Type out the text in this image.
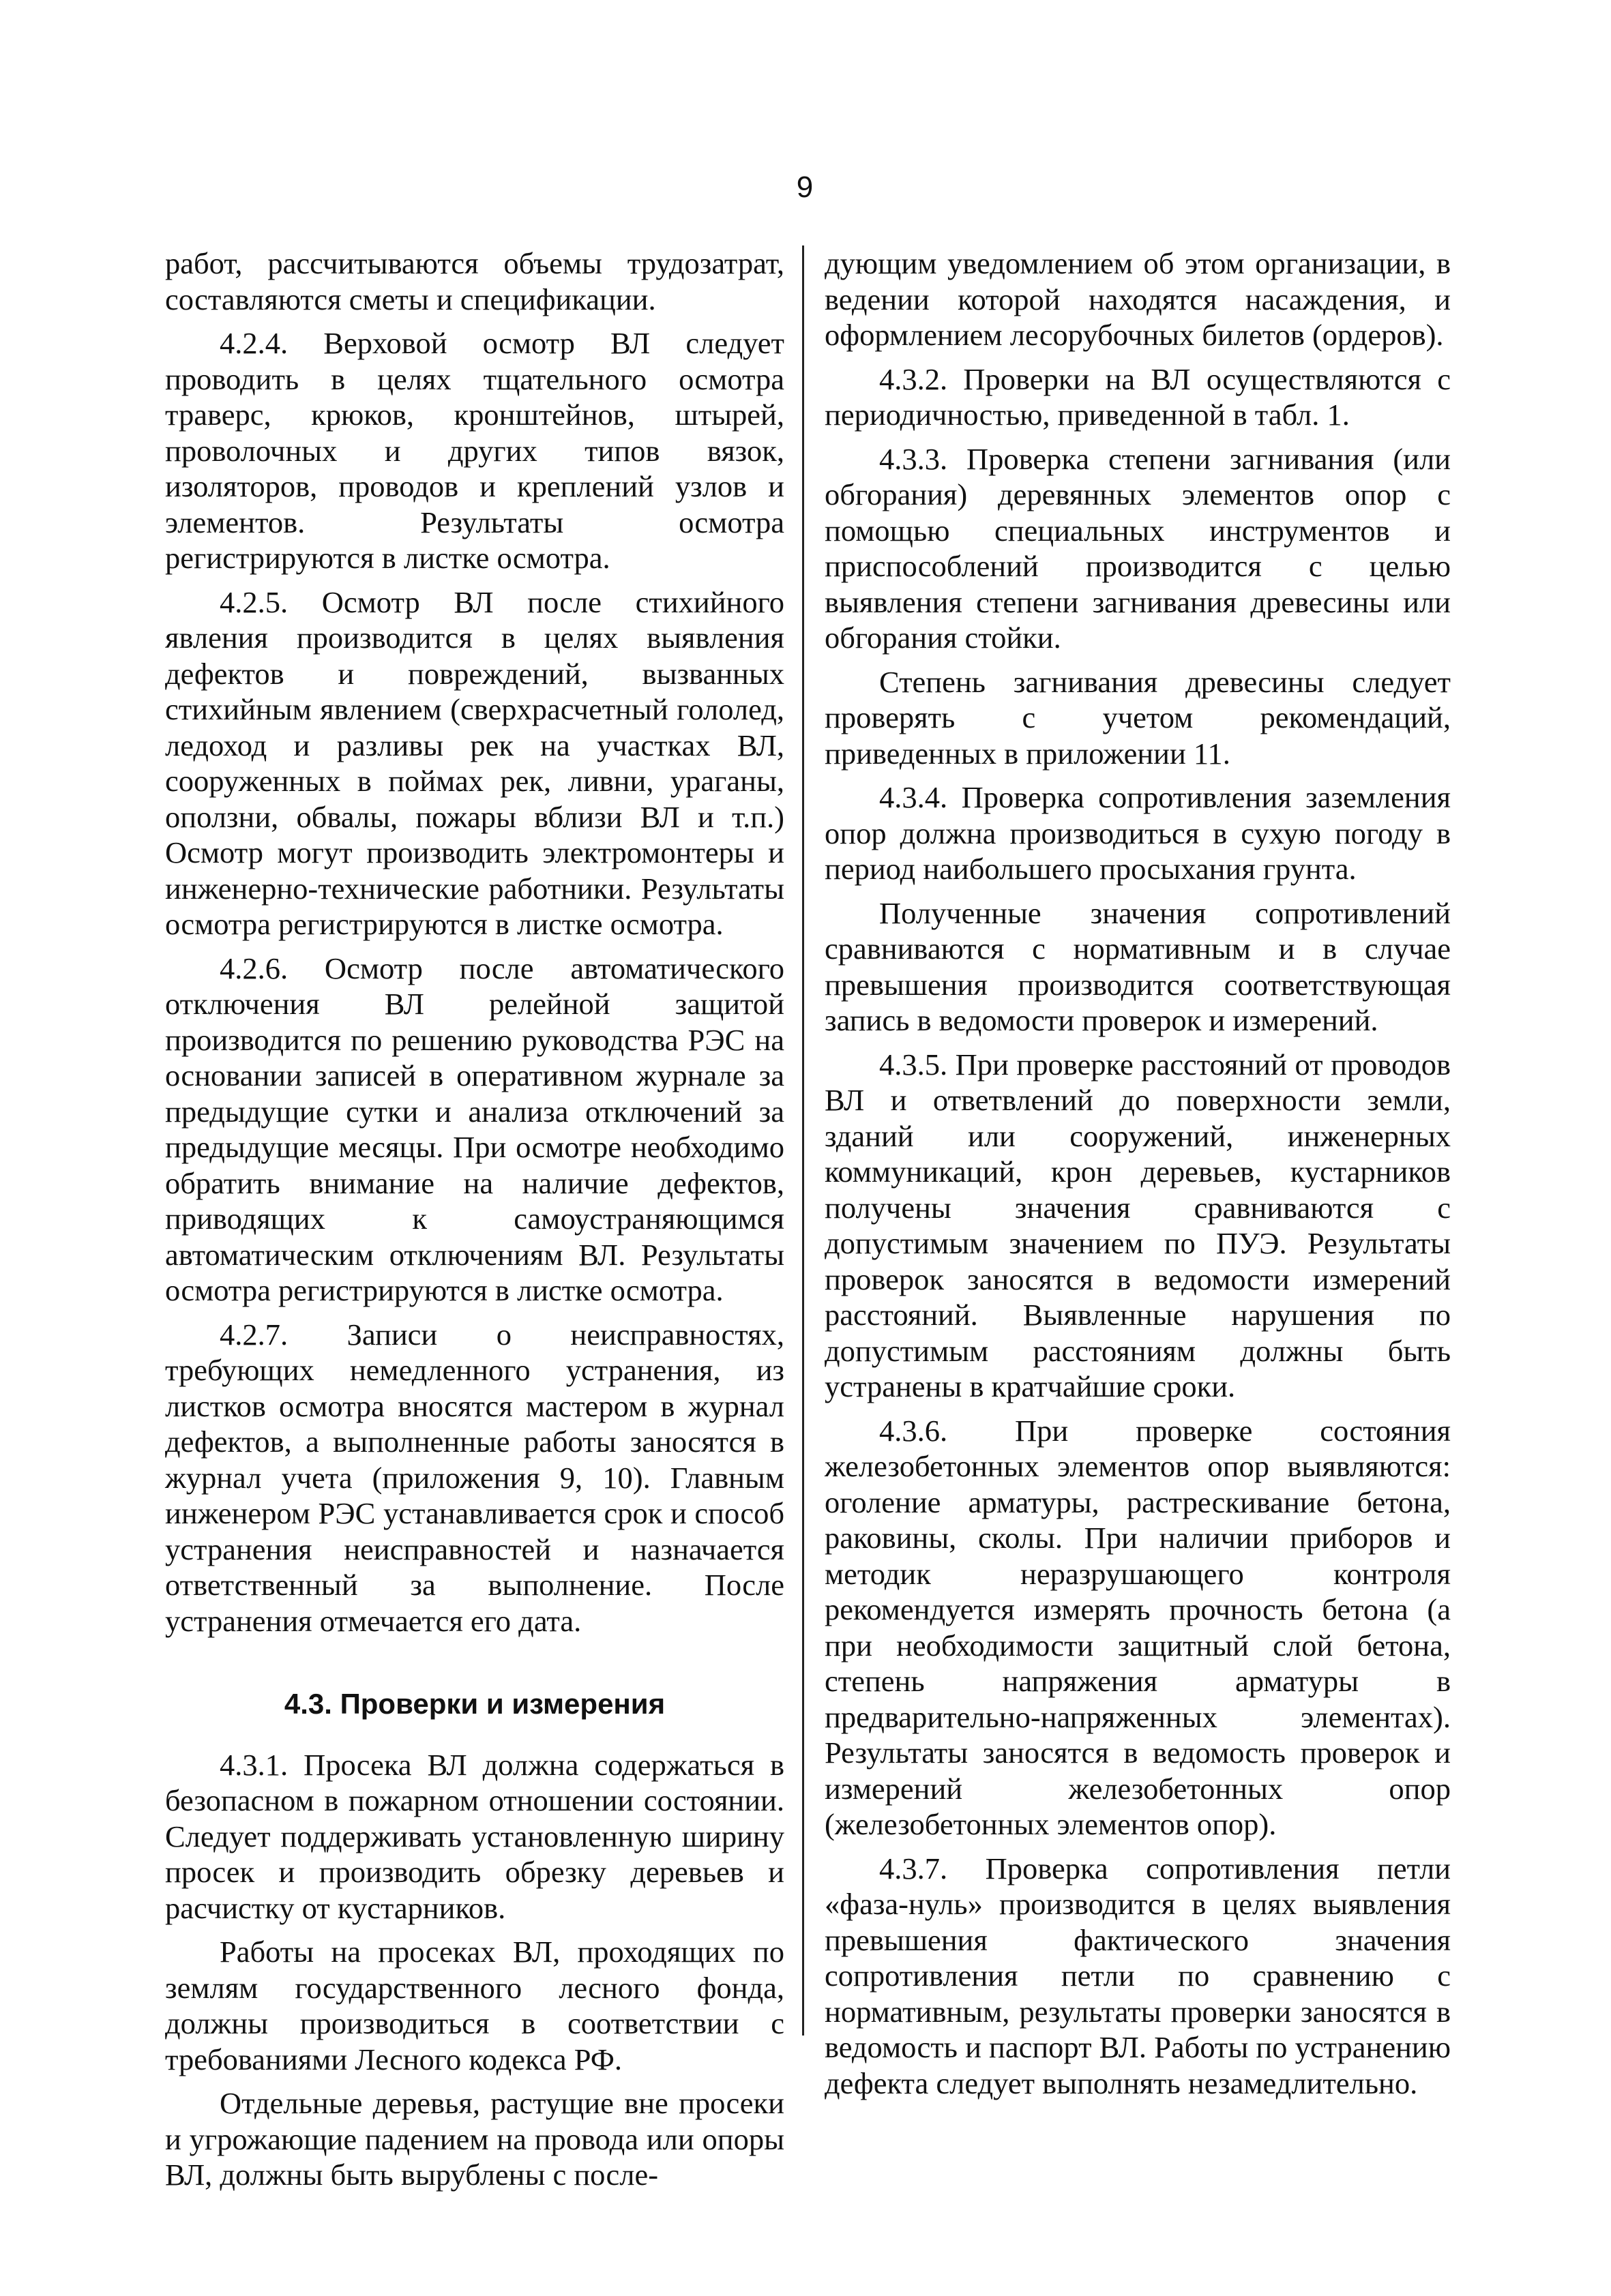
9

работ, рассчитываются объемы трудозатрат, составляются сметы и спецификации.

4.2.4. Верховой осмотр ВЛ следует проводить в целях тщательного осмотра траверс, крюков, кронштейнов, штырей, проволочных и других типов вязок, изоляторов, проводов и креплений узлов и элементов. Результаты осмотра регистрируются в листке осмотра.

4.2.5. Осмотр ВЛ после стихийного явления производится в целях выявления дефектов и повреждений, вызванных стихийным явлением (сверхрасчетный гололед, ледоход и разливы рек на участках ВЛ, сооруженных в поймах рек, ливни, ураганы, оползни, обвалы, пожары вблизи ВЛ и т.п.) Осмотр могут производить электромонтеры и инженерно-технические работники. Результаты осмотра регистрируются в листке осмотра.

4.2.6. Осмотр после автоматического отключения ВЛ релейной защитой производится по решению руководства РЭС на основании записей в оперативном журнале за предыдущие сутки и анализа отключений за предыдущие месяцы. При осмотре необходимо обратить внимание на наличие дефектов, приводящих к самоустраняющимся автоматическим отключениям ВЛ. Результаты осмотра регистрируются в листке осмотра.

4.2.7. Записи о неисправностях, требующих немедленного устранения, из листков осмотра вносятся мастером в журнал дефектов, а выполненные работы заносятся в журнал учета (приложения 9, 10). Главным инженером РЭС устанавливается срок и способ устранения неисправностей и назначается ответственный за выполнение. После устранения отмечается его дата.

4.3. Проверки и измерения

4.3.1. Просека ВЛ должна содержаться в безопасном в пожарном отношении состоянии. Следует поддерживать установленную ширину просек и производить обрезку деревьев и расчистку от кустарников.

Работы на просеках ВЛ, проходящих по землям государственного лесного фонда, должны производиться в соответствии с требованиями Лесного кодекса РФ.

Отдельные деревья, растущие вне просеки и угрожающие падением на провода или опоры ВЛ, должны быть вырублены с после-

дующим уведомлением об этом организации, в ведении которой находятся насаждения, и оформлением лесорубочных билетов (ордеров).

4.3.2. Проверки на ВЛ осуществляются с периодичностью, приведенной в табл. 1.

4.3.3. Проверка степени загнивания (или обгорания) деревянных элементов опор с помощью специальных инструментов и приспособлений производится с целью выявления степени загнивания древесины или обгорания стойки.

Степень загнивания древесины следует проверять с учетом рекомендаций, приведенных в приложении 11.

4.3.4. Проверка сопротивления заземления опор должна производиться в сухую погоду в период наибольшего просыхания грунта.

Полученные значения сопротивлений сравниваются с нормативным и в случае превышения производится соответствующая запись в ведомости проверок и измерений.

4.3.5. При проверке расстояний от проводов ВЛ и ответвлений до поверхности земли, зданий или сооружений, инженерных коммуникаций, крон деревьев, кустарников получены значения сравниваются с допустимым значением по ПУЭ. Результаты проверок заносятся в ведомости измерений расстояний. Выявленные нарушения по допустимым расстояниям должны быть устранены в кратчайшие сроки.

4.3.6. При проверке состояния железобетонных элементов опор выявляются: оголение арматуры, растрескивание бетона, раковины, сколы. При наличии приборов и методик неразрушающего контроля рекомендуется измерять прочность бетона (а при необходимости защитный слой бетона, степень напряжения арматуры в предварительно-напряженных элементах). Результаты заносятся в ведомость проверок и измерений железобетонных опор (железобетонных элементов опор).

4.3.7. Проверка сопротивления петли «фаза-нуль» производится в целях выявления превышения фактического значения сопротивления петли по сравнению с нормативным, результаты проверки заносятся в ведомость и паспорт ВЛ. Работы по устранению дефекта следует выполнять незамедлительно.
